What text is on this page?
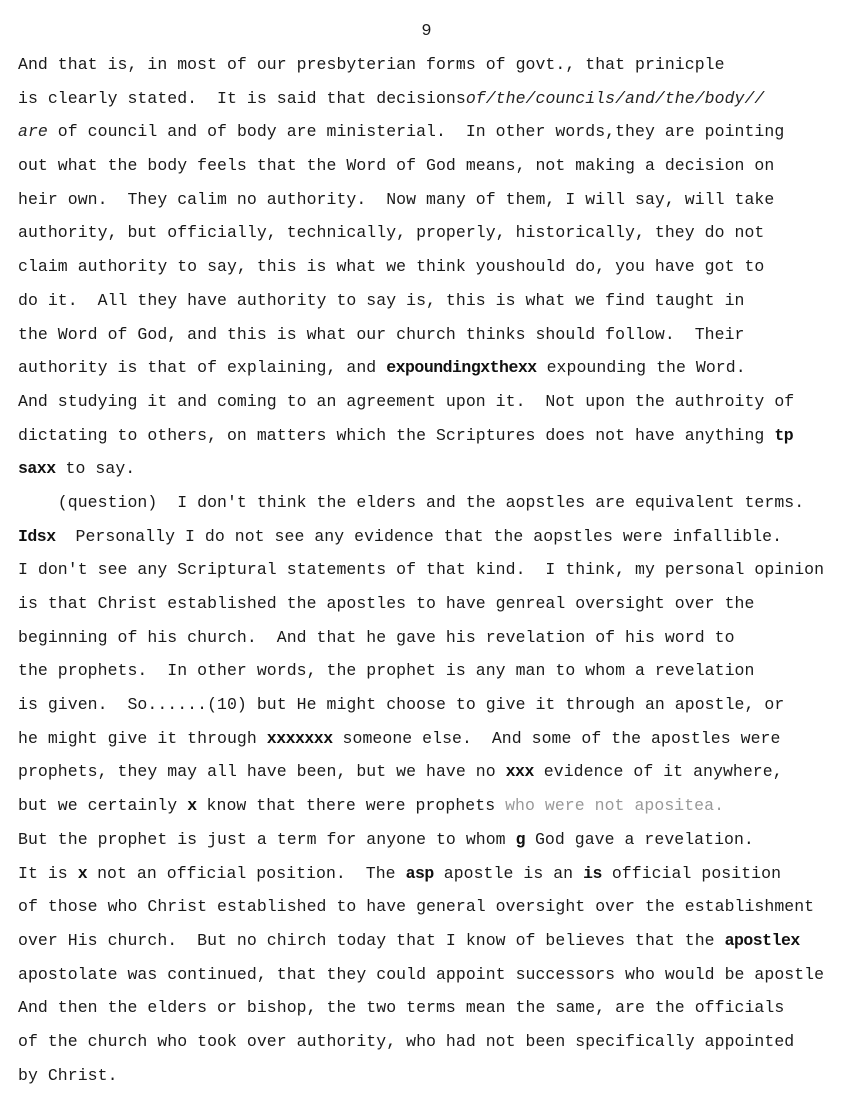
9
And that is, in most of our presbyterian forms of govt., that prinicple
is clearly stated.  It is said that decisionsof/the/councils/and/the/body//
are of council and of body are ministerial.  In other words,they are pointing
out what the body feels that the Word of God means, not making a decision on
heir own.  They calim no authority.  Now many of them, I will say, will take
authority, but officially, technically, properly, historically, they do not
claim authority to say, this is what we think youshould do, you have got to
do it.  All they have authority to say is, this is what we find taught in
the Word of God, and this is what our church thinks should follow.  Their
authority is that of explaining, and expoundingxthexx expounding the Word.
And studying it and coming to an agreement upon it.  Not upon the authroity of
dictating to others, on matters which the Scriptures does not have anything tp
saxx to say.
(question)  I don't think the elders and the aopstles are equivalent terms.
Idsx  Personally I do not see any evidence that the aopstles were infallible.
I don't see any Scriptural statements of that kind.  I think, my personal opinion
is that Christ established the apostles to have genreal oversight over the
beginning of his church.  And that he gave his revelation of his word to
the prophets.  In other words, the prophet is any man to whom a revelation
is given.  So......(10) but He might choose to give it through an apostle, or
he might give it through xxxxxxx someone else.  And some of the apostles were
prophets, they may all have been, but we have no xxx evidence of it anywhere,
but we certainly x know that there were prophets who were not apositea.
But the prophet is just a term for anyone to whom g God gave a revelation.
It is x not an official position.  The asp apostle is an is official position
of those who Christ established to have general oversight over the establishment
over His church.  But no chirch today that I know of believes that the apostlex
apostolate was continued, that they could appoint successors who would be apostle
And then the elders or bishop, the two terms mean the same, are the officials
of the church who took over authority, who had not been specifically appointed
by Christ.
